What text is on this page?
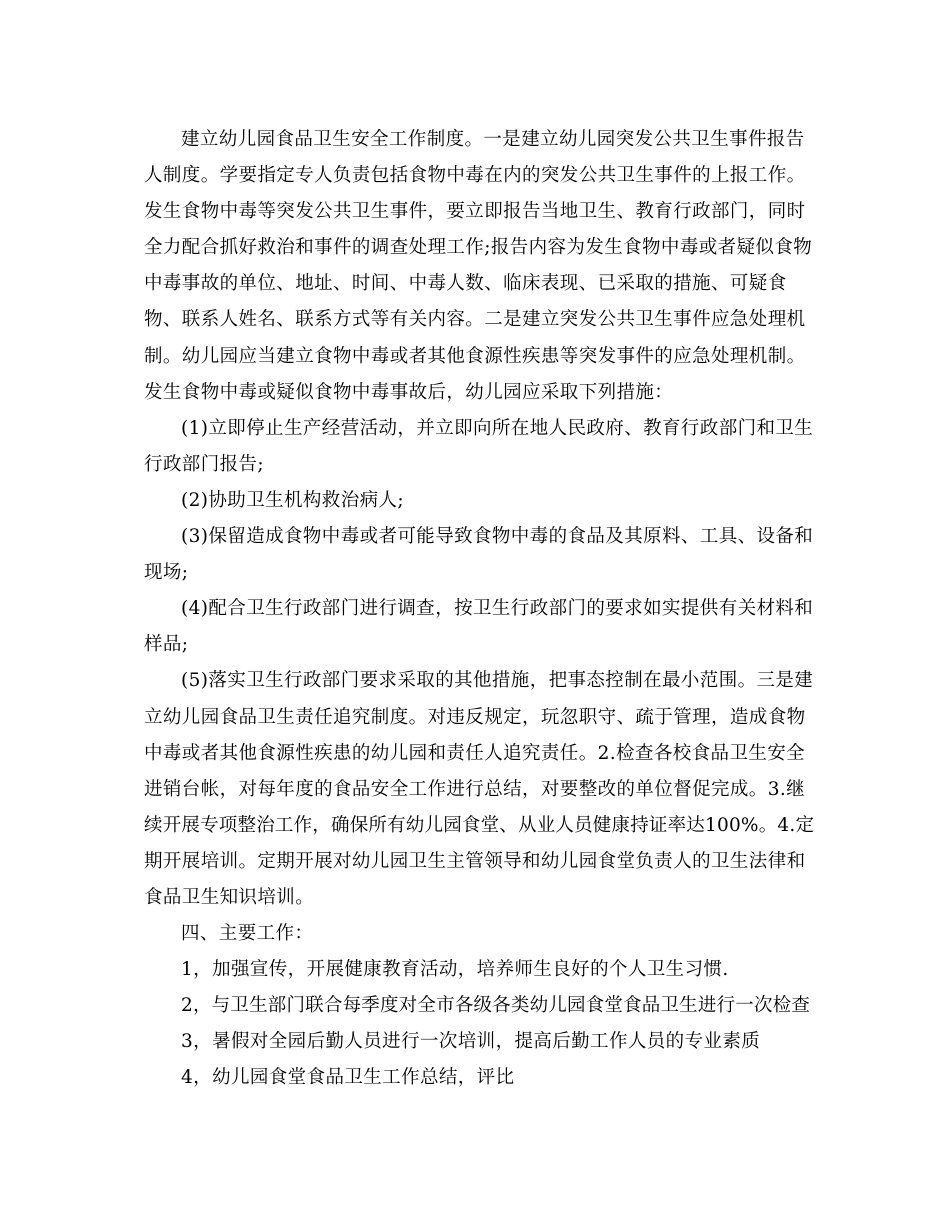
建立幼儿园食品卫生安全工作制度。一是建立幼儿园突发公共卫生事件报告
人制度。学要指定专人负责包括食物中毒在内的突发公共卫生事件的上报工作。
发生食物中毒等突发公共卫生事件，要立即报告当地卫生、教育行政部门，同时
全力配合抓好救治和事件的调查处理工作;报告内容为发生食物中毒或者疑似食物
中毒事故的单位、地址、时间、中毒人数、临床表现、已采取的措施、可疑食
物、联系人姓名、联系方式等有关内容。二是建立突发公共卫生事件应急处理机
制。幼儿园应当建立食物中毒或者其他食源性疾患等突发事件的应急处理机制。
发生食物中毒或疑似食物中毒事故后，幼儿园应采取下列措施：
(1)立即停止生产经营活动，并立即向所在地人民政府、教育行政部门和卫生
行政部门报告;
(2)协助卫生机构救治病人;
(3)保留造成食物中毒或者可能导致食物中毒的食品及其原料、工具、设备和
现场;
(4)配合卫生行政部门进行调查，按卫生行政部门的要求如实提供有关材料和
样品;
(5)落实卫生行政部门要求采取的其他措施，把事态控制在最小范围。三是建
立幼儿园食品卫生责任追究制度。对违反规定，玩忽职守、疏于管理，造成食物
中毒或者其他食源性疾患的幼儿园和责任人追究责任。2.检查各校食品卫生安全
进销台帐，对每年度的食品安全工作进行总结，对要整改的单位督促完成。3.继
续开展专项整治工作，确保所有幼儿园食堂、从业人员健康持证率达100%。4.定
期开展培训。定期开展对幼儿园卫生主管领导和幼儿园食堂负责人的卫生法律和
食品卫生知识培训。
四、主要工作：
1，加强宣传，开展健康教育活动，培养师生良好的个人卫生习惯.
2，与卫生部门联合每季度对全市各级各类幼儿园食堂食品卫生进行一次检查
3，暑假对全园后勤人员进行一次培训，提高后勤工作人员的专业素质
4，幼儿园食堂食品卫生工作总结，评比
